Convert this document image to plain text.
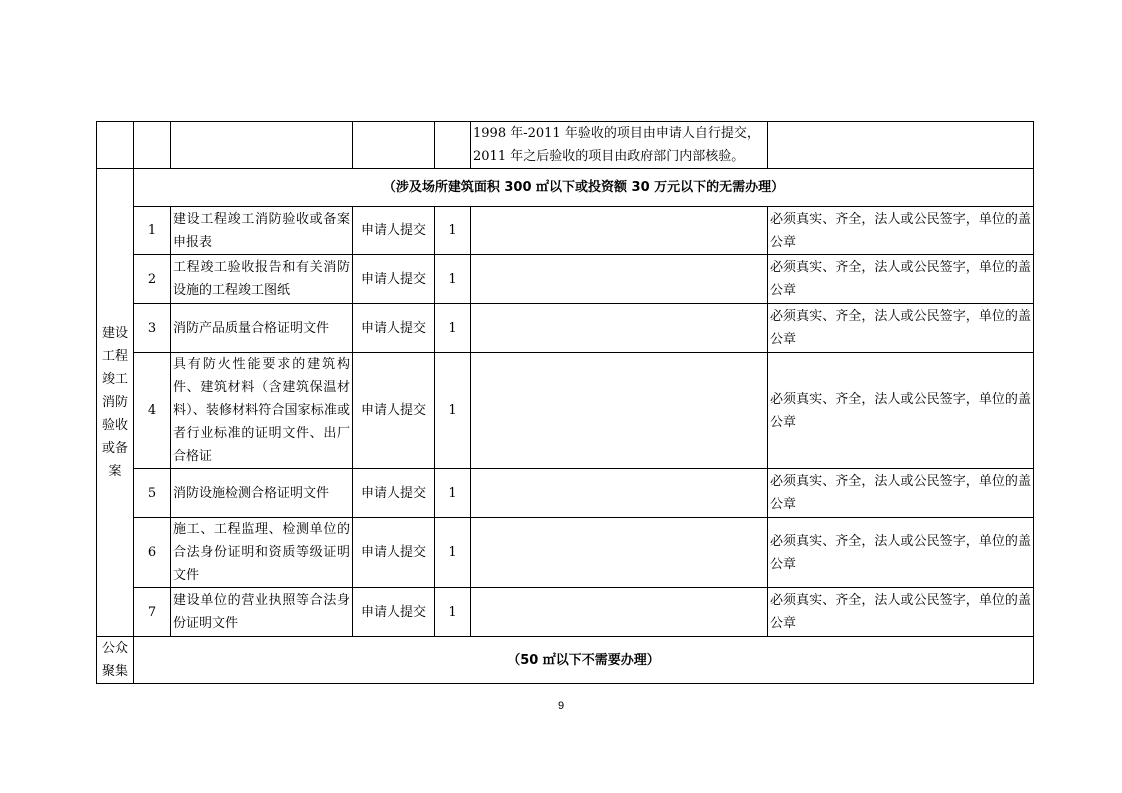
					1998 年-2011 年验收的项目由申请人自行提交，
2011 年之后验收的项目由政府部门内部核验。	

建设工程竣工消防验收或备案	（涉及场所建筑面积 300 ㎡以下或投资额 30 万元以下的无需办理）					
	1	建设工程竣工消防验收或备案申报表	申请人提交	1		必须真实、齐全，法人或公民签字，单位的盖公章
	2	工程竣工验收报告和有关消防设施的工程竣工图纸	申请人提交	1		必须真实、齐全，法人或公民签字，单位的盖公章
	3	消防产品质量合格证明文件	申请人提交	1		必须真实、齐全，法人或公民签字，单位的盖公章
	4	具有防火性能要求的建筑构件、建筑材料（含建筑保温材料）、装修材料符合国家标准或者行业标准的证明文件、出厂合格证	申请人提交	1		必须真实、齐全，法人或公民签字，单位的盖公章
	5	消防设施检测合格证明文件	申请人提交	1		必须真实、齐全，法人或公民签字，单位的盖公章
	6	施工、工程监理、检测单位的合法身份证明和资质等级证明文件	申请人提交	1		必须真实、齐全，法人或公民签字，单位的盖公章
	7	建设单位的营业执照等合法身份证明文件	申请人提交	1		必须真实、齐全，法人或公民签字，单位的盖公章
公众聚集	（50 ㎡以下不需要办理）					
9
